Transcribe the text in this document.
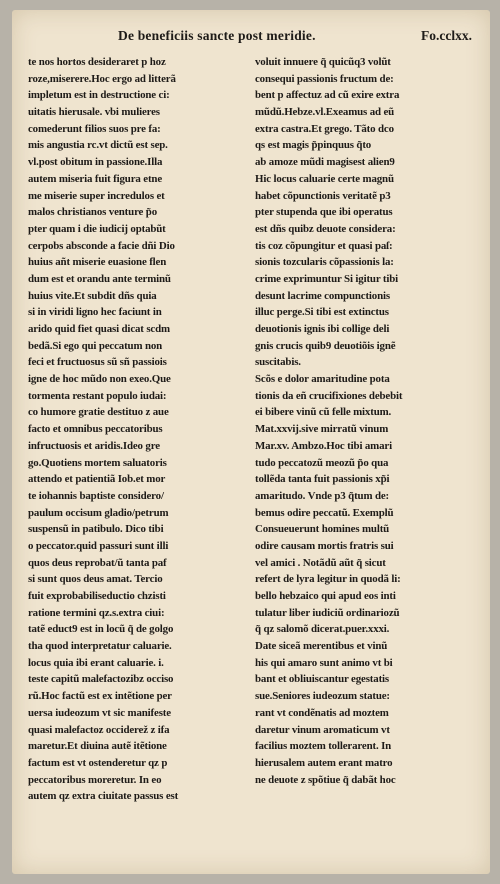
De beneficiis sancte post meridie.	Fo.cclxx.
te nos hortos desideraret p hoz
roze,miserere.Hoc ergo ad litterã
impletum est in destructione ci:
uitatis hierusale. vbi mulieres
comederunt filios suos pre fa:
mis angustia rc.vt dictũ est sep.
vl.post obitum in passione.Illa
autem miseria fuit figura etne
me miserie super incredulos et
malos christianos venture p̃o
pter quam i die iudicij optabũt
cerpobs absconde a facie dñi Dio
huius añt miserie euasione flen
dum est et orandu ante terminũ
huius vite.Et subdit dñs quia
si in viridi ligno hec faciunt in
arido quid fiet quasi dicat scdm
bedã.Si ego qui peccatum non
feci et fructuosus sũ sñ passiois
igne de hoc mũdo non exeo.Que
tormenta restant populo iudai:
co humore gratie destituo z aue
facto et omnibus peccatoribus
infructuosis et aridis.Ideo gre
go.Quotiens mortem saluatoris
attendo et patientiã Iob.et mor
te iohannis baptiste considero/
paulum occisum gladio/petrum
suspensũ in patibulo. Dico tibi
o peccator.quid passuri sunt illi
quos deus reprobat/ũ tanta paf
si sunt quos deus amat. Tercio
fuit exprobabiliseductio chzisti
ratione termini qz.s.extra ciui:
tatẽ educt9 est in locũ q̃ de golgo
tha quod interpretatur caluarie.
locus quia ibi erant caluarie. i.
teste capitũ malefactozibz occiso
rũ.Hoc factũ est ex intẽtione per
uersa iudeozum vt sic manifeste
quasi malefactoz occiderež z ifa
maretur.Et diuina autẽ itẽtione
factum est vt ostenderetur qz p
peccatoribus moreretur. In eo
autem qz extra ciuitate passus est
voluit innuere q̃ quicũq3 volũt
consequi passionis fructum de:
bent p affectuz ad cũ exire extra
mũdũ.Hebze.vl.Exeamus ad eũ
extra castra.Et grego. Tãto dco
qs est magis p̃pinquus q̃to
ab amoze mũdi magisest alien9
Hic locus caluarie certe magnũ
habet cõpunctionis veritatẽ p3
pter stupenda que ibi operatus
est dñs quibz deuote considera:
tis coz cõpungitur et quasi paſ:
sionis tozcularis cõpassionis la:
crime exprimuntur Si igitur tibi
desunt lacrime compunctionis
illuc perge.Si tibi est extinctus
deuotionis ignis ibi collige deli
gnis crucis quib9 deuotiõis ignẽ
suscitabis.
Scõs e dolor amaritudine pota
tionis da eñ crucifixiones debebit
ei bibere vinũ cũ felle mixtum.
Mat.xxvij.sive mirratũ vinum
Mar.xv. Ambzo.Hoc tibi amari
tudo peccatozũ meozũ p̃o qua
tollẽda tanta fuit passionis xp̃i
amaritudo. Vnde p3 q̃tum de:
bemus odire peccatũ. Exemplũ
Consueuerunt homines multũ
odire causam mortis fratris sui
vel amici . Notãdũ aũt q̃ sicut
refert de lyra legitur in quodã li:
bello hebzaico qui apud eos inti
tulatur liber iudiciũ ordinariozũ
q̃ qz salomõ dicerat.puer.xxxi.
Date siceã merentibus et vinũ
his qui amaro sunt animo vt bi
bant et obliuiscantur egestatis
sue.Seniores iudeozum statue:
rant vt condẽnatis ad moztem
daretur vinum aromaticum vt
facilius moztem tollerarent. In
hierusalem autem erant matro
ne deuote z spõtiue q̃ dabãt hoc
